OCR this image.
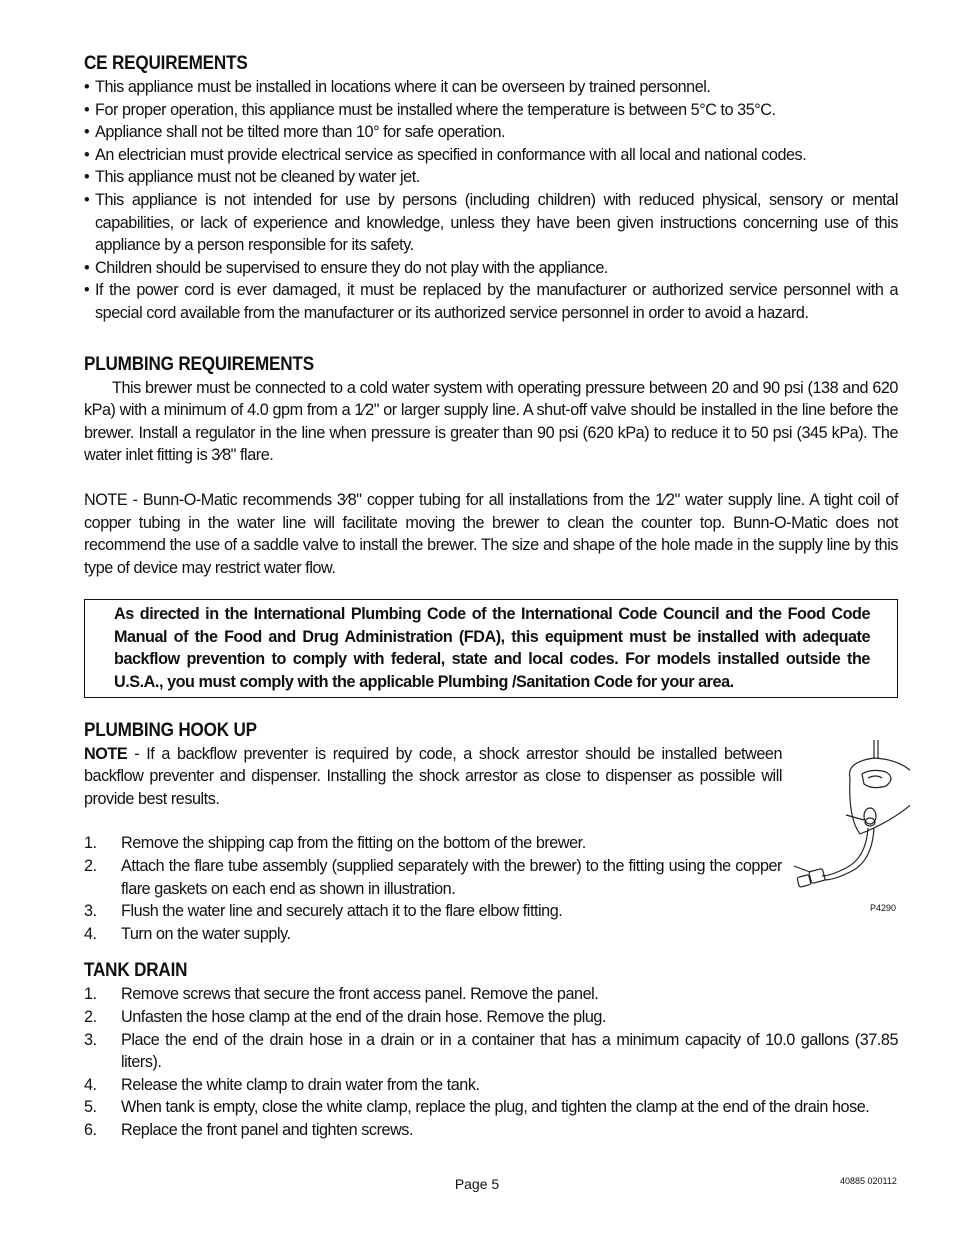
CE REQUIREMENTS
• This appliance must be installed in locations where it can be overseen by trained personnel.
• For proper operation, this appliance must be installed where the temperature is between 5°C to 35°C.
• Appliance shall not be tilted more than 10° for safe operation.
• An electrician must provide electrical service as specified in conformance with all local and national codes.
• This appliance must not be cleaned by water jet.
• This appliance is not intended for use by persons (including children) with reduced physical, sensory or mental capabilities, or lack of experience and knowledge, unless they have been given instructions concerning use of this appliance by a person responsible for its safety.
• Children should be supervised to ensure they do not play with the appliance.
• If the power cord is ever damaged, it must be replaced by the manufacturer or authorized service personnel with a special cord available from the manufacturer or its authorized service personnel in order to avoid a hazard.
PLUMBING REQUIREMENTS

This brewer must be connected to a cold water system with operating pressure between 20 and 90 psi (138 and 620 kPa) with a minimum of 4.0 gpm from a 1⁄2" or larger supply line. A shut-off valve should be installed in the line before the brewer. Install a regulator in the line when pressure is greater than 90 psi (620 kPa) to reduce it to 50 psi (345 kPa). The water inlet fitting is 3⁄8" flare.

NOTE - Bunn-O-Matic recommends 3⁄8" copper tubing for all installations from the 1⁄2" water supply line. A tight coil of copper tubing in the water line will facilitate moving the brewer to clean the counter top. Bunn-O-Matic does not recommend the use of a saddle valve to install the brewer. The size and shape of the hole made in the supply line by this type of device may restrict water flow.

As directed in the International Plumbing Code of the International Code Council and the Food Code Manual of the Food and Drug Administration (FDA), this equipment must be installed with adequate backflow prevention to comply with federal, state and local codes. For models installed outside the U.S.A., you must comply with the applicable Plumbing /Sanitation Code for your area.
PLUMBING HOOK UP

NOTE - If a backflow preventer is required by code, a shock arrestor should be installed between backflow preventer and dispenser. Installing the shock arrestor as close to dispenser as possible will provide best results.

1. Remove the shipping cap from the fitting on the bottom of the brewer.
2. Attach the flare tube assembly (supplied separately with the brewer) to the fitting using the copper flare gaskets on each end as shown in illustration.
3. Flush the water line and securely attach it to the flare elbow fitting.
4. Turn on the water supply.
TANK DRAIN
1. Remove screws that secure the front access panel. Remove the panel.
2. Unfasten the hose clamp at the end of the drain hose. Remove the plug.
3. Place the end of the drain hose in a drain or in a container that has a minimum capacity of 10.0 gallons (37.85 liters).
4. Release the white clamp to drain water from the tank.
5. When tank is empty, close the white clamp, replace the plug, and tighten the clamp at the end of the drain hose.
6. Replace the front panel and tighten screws.
P4290
Page 5	40885 020112
